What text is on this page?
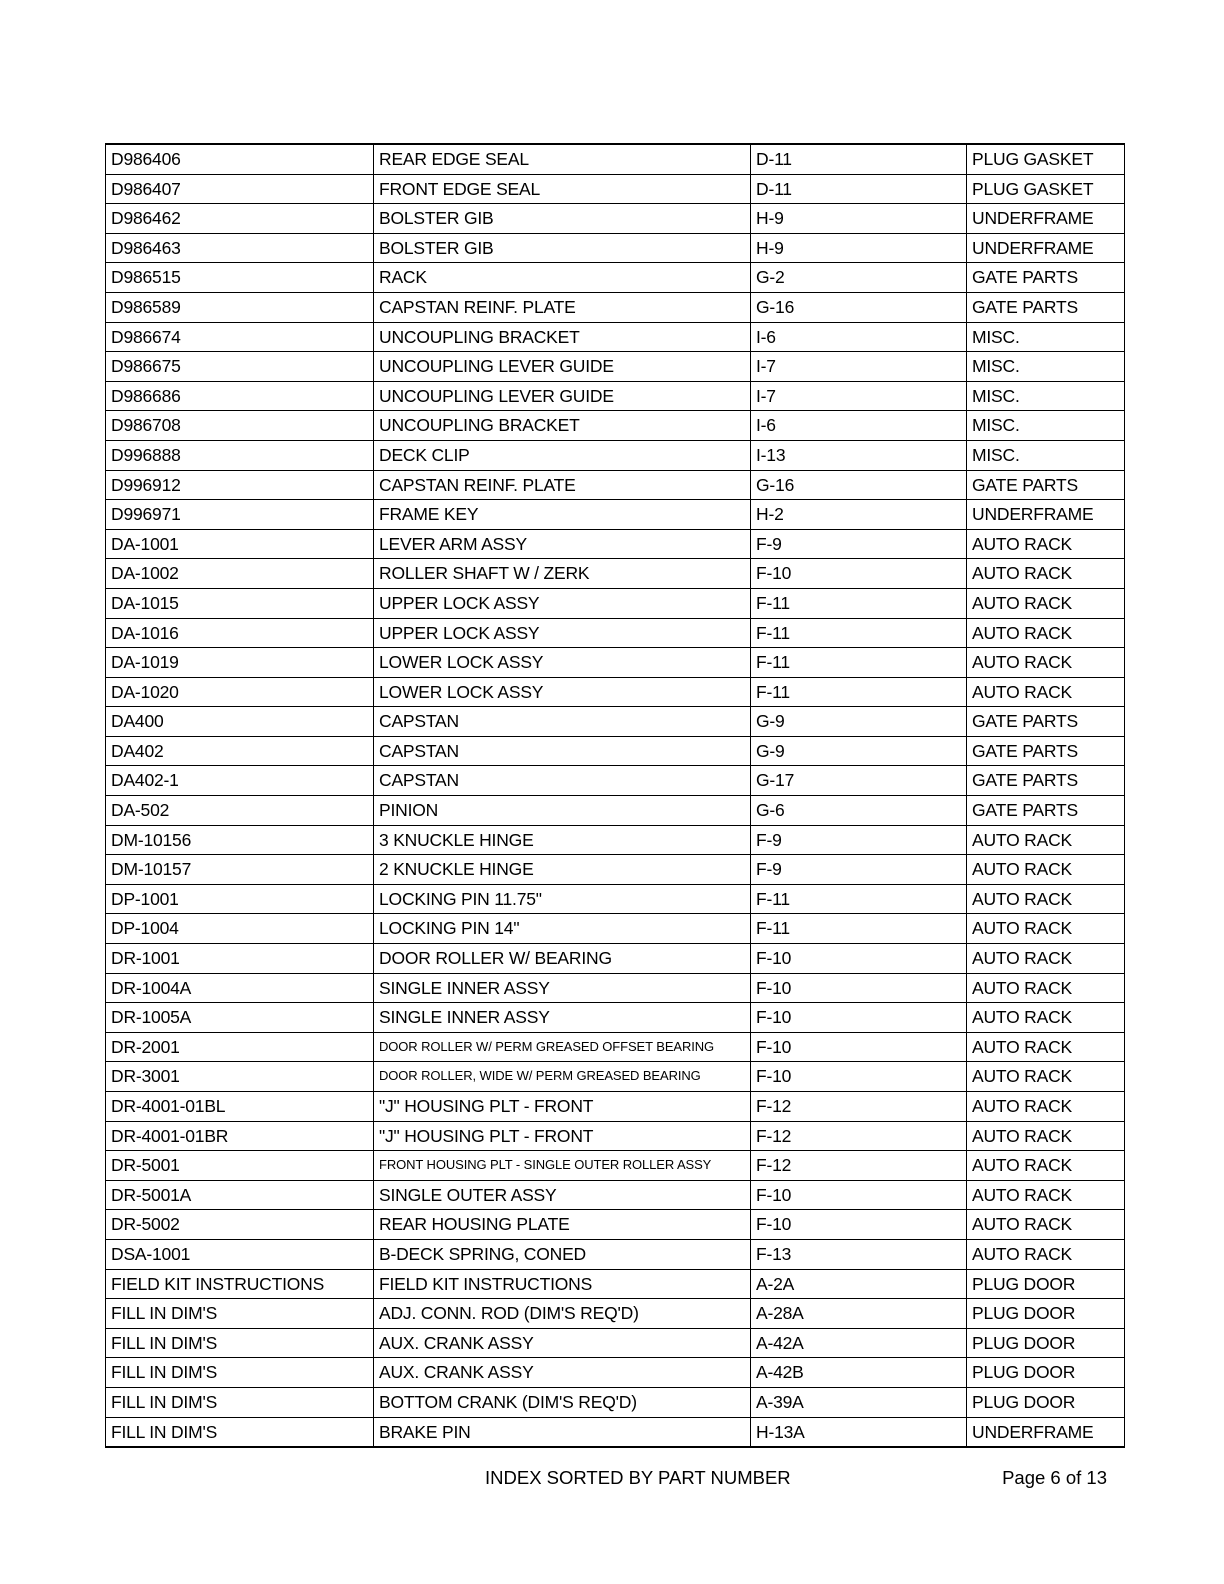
D986406	REAR EDGE SEAL	D-11	PLUG GASKET
D986407	FRONT EDGE SEAL	D-11	PLUG GASKET
D986462	BOLSTER GIB	H-9	UNDERFRAME
D986463	BOLSTER GIB	H-9	UNDERFRAME
D986515	RACK	G-2	GATE PARTS
D986589	CAPSTAN REINF. PLATE	G-16	GATE PARTS
D986674	UNCOUPLING BRACKET	I-6	MISC.
D986675	UNCOUPLING LEVER GUIDE	I-7	MISC.
D986686	UNCOUPLING LEVER GUIDE	I-7	MISC.
D986708	UNCOUPLING BRACKET	I-6	MISC.
D996888	DECK CLIP	I-13	MISC.
D996912	CAPSTAN REINF. PLATE	G-16	GATE PARTS
D996971	FRAME KEY	H-2	UNDERFRAME
DA-1001	LEVER ARM ASSY	F-9	AUTO RACK
DA-1002	ROLLER SHAFT W / ZERK	F-10	AUTO RACK
DA-1015	UPPER LOCK ASSY	F-11	AUTO RACK
DA-1016	UPPER LOCK ASSY	F-11	AUTO RACK
DA-1019	LOWER LOCK ASSY	F-11	AUTO RACK
DA-1020	LOWER LOCK ASSY	F-11	AUTO RACK
DA400	CAPSTAN	G-9	GATE PARTS
DA402	CAPSTAN	G-9	GATE PARTS
DA402-1	CAPSTAN	G-17	GATE PARTS
DA-502	PINION	G-6	GATE PARTS
DM-10156	3 KNUCKLE HINGE	F-9	AUTO RACK
DM-10157	2 KNUCKLE HINGE	F-9	AUTO RACK
DP-1001	LOCKING PIN 11.75"	F-11	AUTO RACK
DP-1004	LOCKING PIN 14"	F-11	AUTO RACK
DR-1001	DOOR ROLLER W/ BEARING	F-10	AUTO RACK
DR-1004A	SINGLE INNER ASSY	F-10	AUTO RACK
DR-1005A	SINGLE INNER ASSY	F-10	AUTO RACK
DR-2001	DOOR ROLLER W/ PERM GREASED OFFSET BEARING	F-10	AUTO RACK
DR-3001	DOOR ROLLER, WIDE W/ PERM GREASED BEARING	F-10	AUTO RACK
DR-4001-01BL	"J" HOUSING PLT - FRONT	F-12	AUTO RACK
DR-4001-01BR	"J" HOUSING PLT - FRONT	F-12	AUTO RACK
DR-5001	FRONT HOUSING PLT - SINGLE OUTER ROLLER ASSY	F-12	AUTO RACK
DR-5001A	SINGLE OUTER ASSY	F-10	AUTO RACK
DR-5002	REAR HOUSING PLATE	F-10	AUTO RACK
DSA-1001	B-DECK SPRING, CONED	F-13	AUTO RACK
FIELD KIT INSTRUCTIONS	FIELD KIT INSTRUCTIONS	A-2A	PLUG DOOR
FILL IN DIM'S	ADJ. CONN. ROD (DIM'S REQ'D)	A-28A	PLUG DOOR
FILL IN DIM'S	AUX. CRANK ASSY	A-42A	PLUG DOOR
FILL IN DIM'S	AUX. CRANK ASSY	A-42B	PLUG DOOR
FILL IN DIM'S	BOTTOM CRANK (DIM'S REQ'D)	A-39A	PLUG DOOR
FILL IN DIM'S	BRAKE PIN	H-13A	UNDERFRAME
INDEX SORTED BY PART NUMBER	Page 6 of 13
